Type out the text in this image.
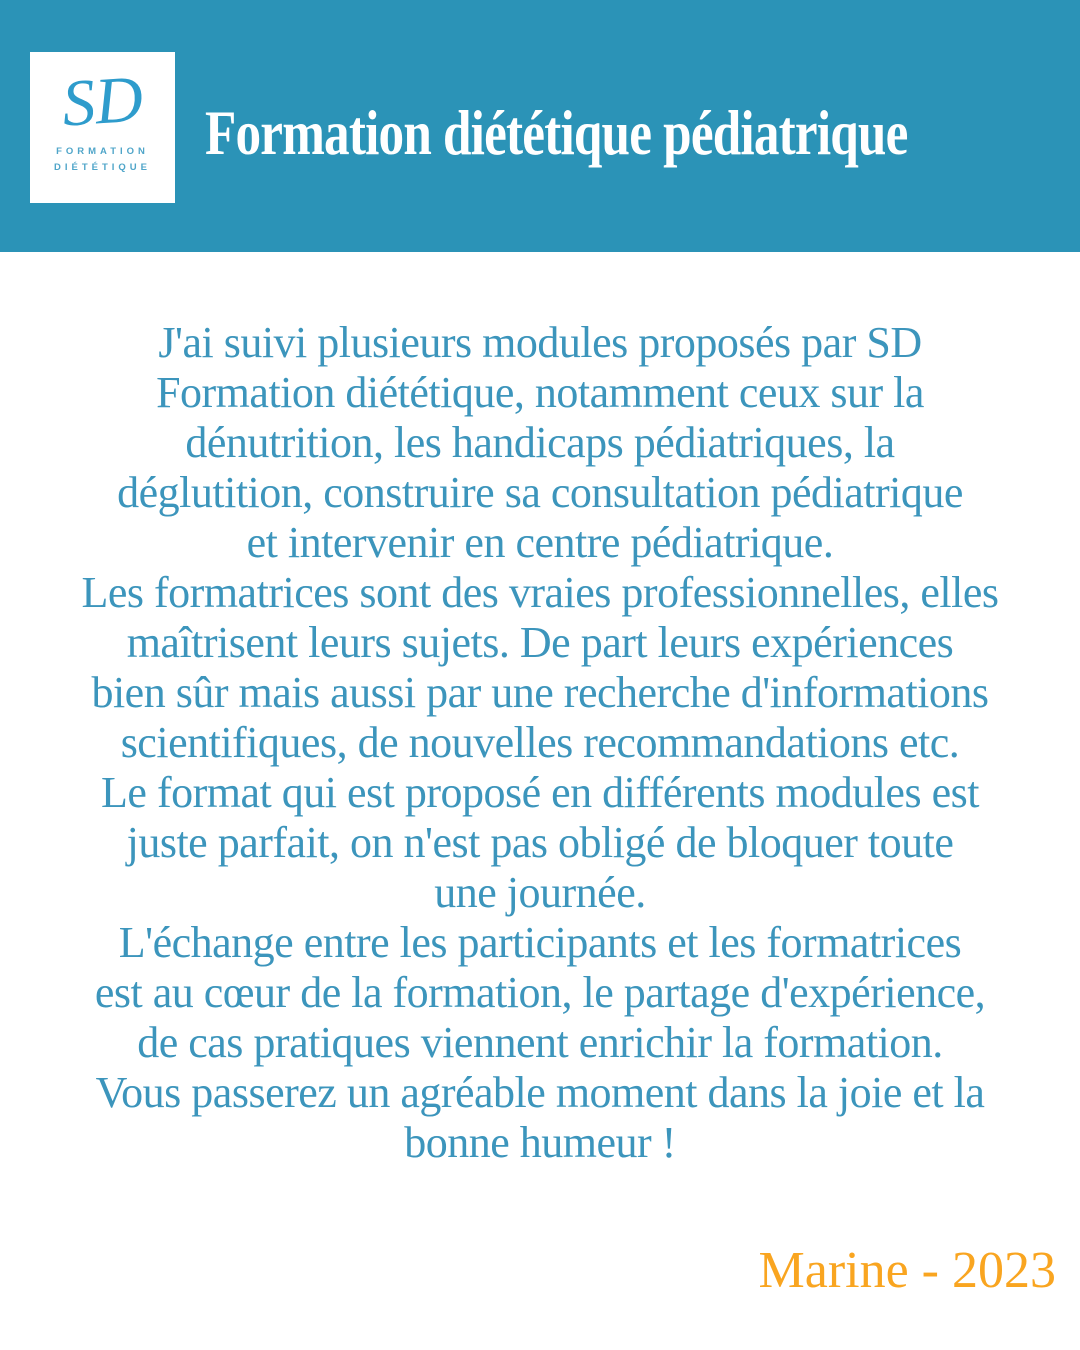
SD
FORMATION
DIÉTÉTIQUE Formation diététique pédiatrique
J'ai suivi plusieurs modules proposés par SD
Formation diététique, notamment ceux sur la
dénutrition, les handicaps pédiatriques, la
déglutition, construire sa consultation pédiatrique
et intervenir en centre pédiatrique.
Les formatrices sont des vraies professionnelles, elles
maîtrisent leurs sujets. De part leurs expériences
bien sûr mais aussi par une recherche d'informations
scientifiques, de nouvelles recommandations etc.
Le format qui est proposé en différents modules est
juste parfait, on n'est pas obligé de bloquer toute
une journée.
L'échange entre les participants et les formatrices
est au cœur de la formation, le partage d'expérience,
de cas pratiques viennent enrichir la formation.
Vous passerez un agréable moment dans la joie et la
bonne humeur !
Marine - 2023
